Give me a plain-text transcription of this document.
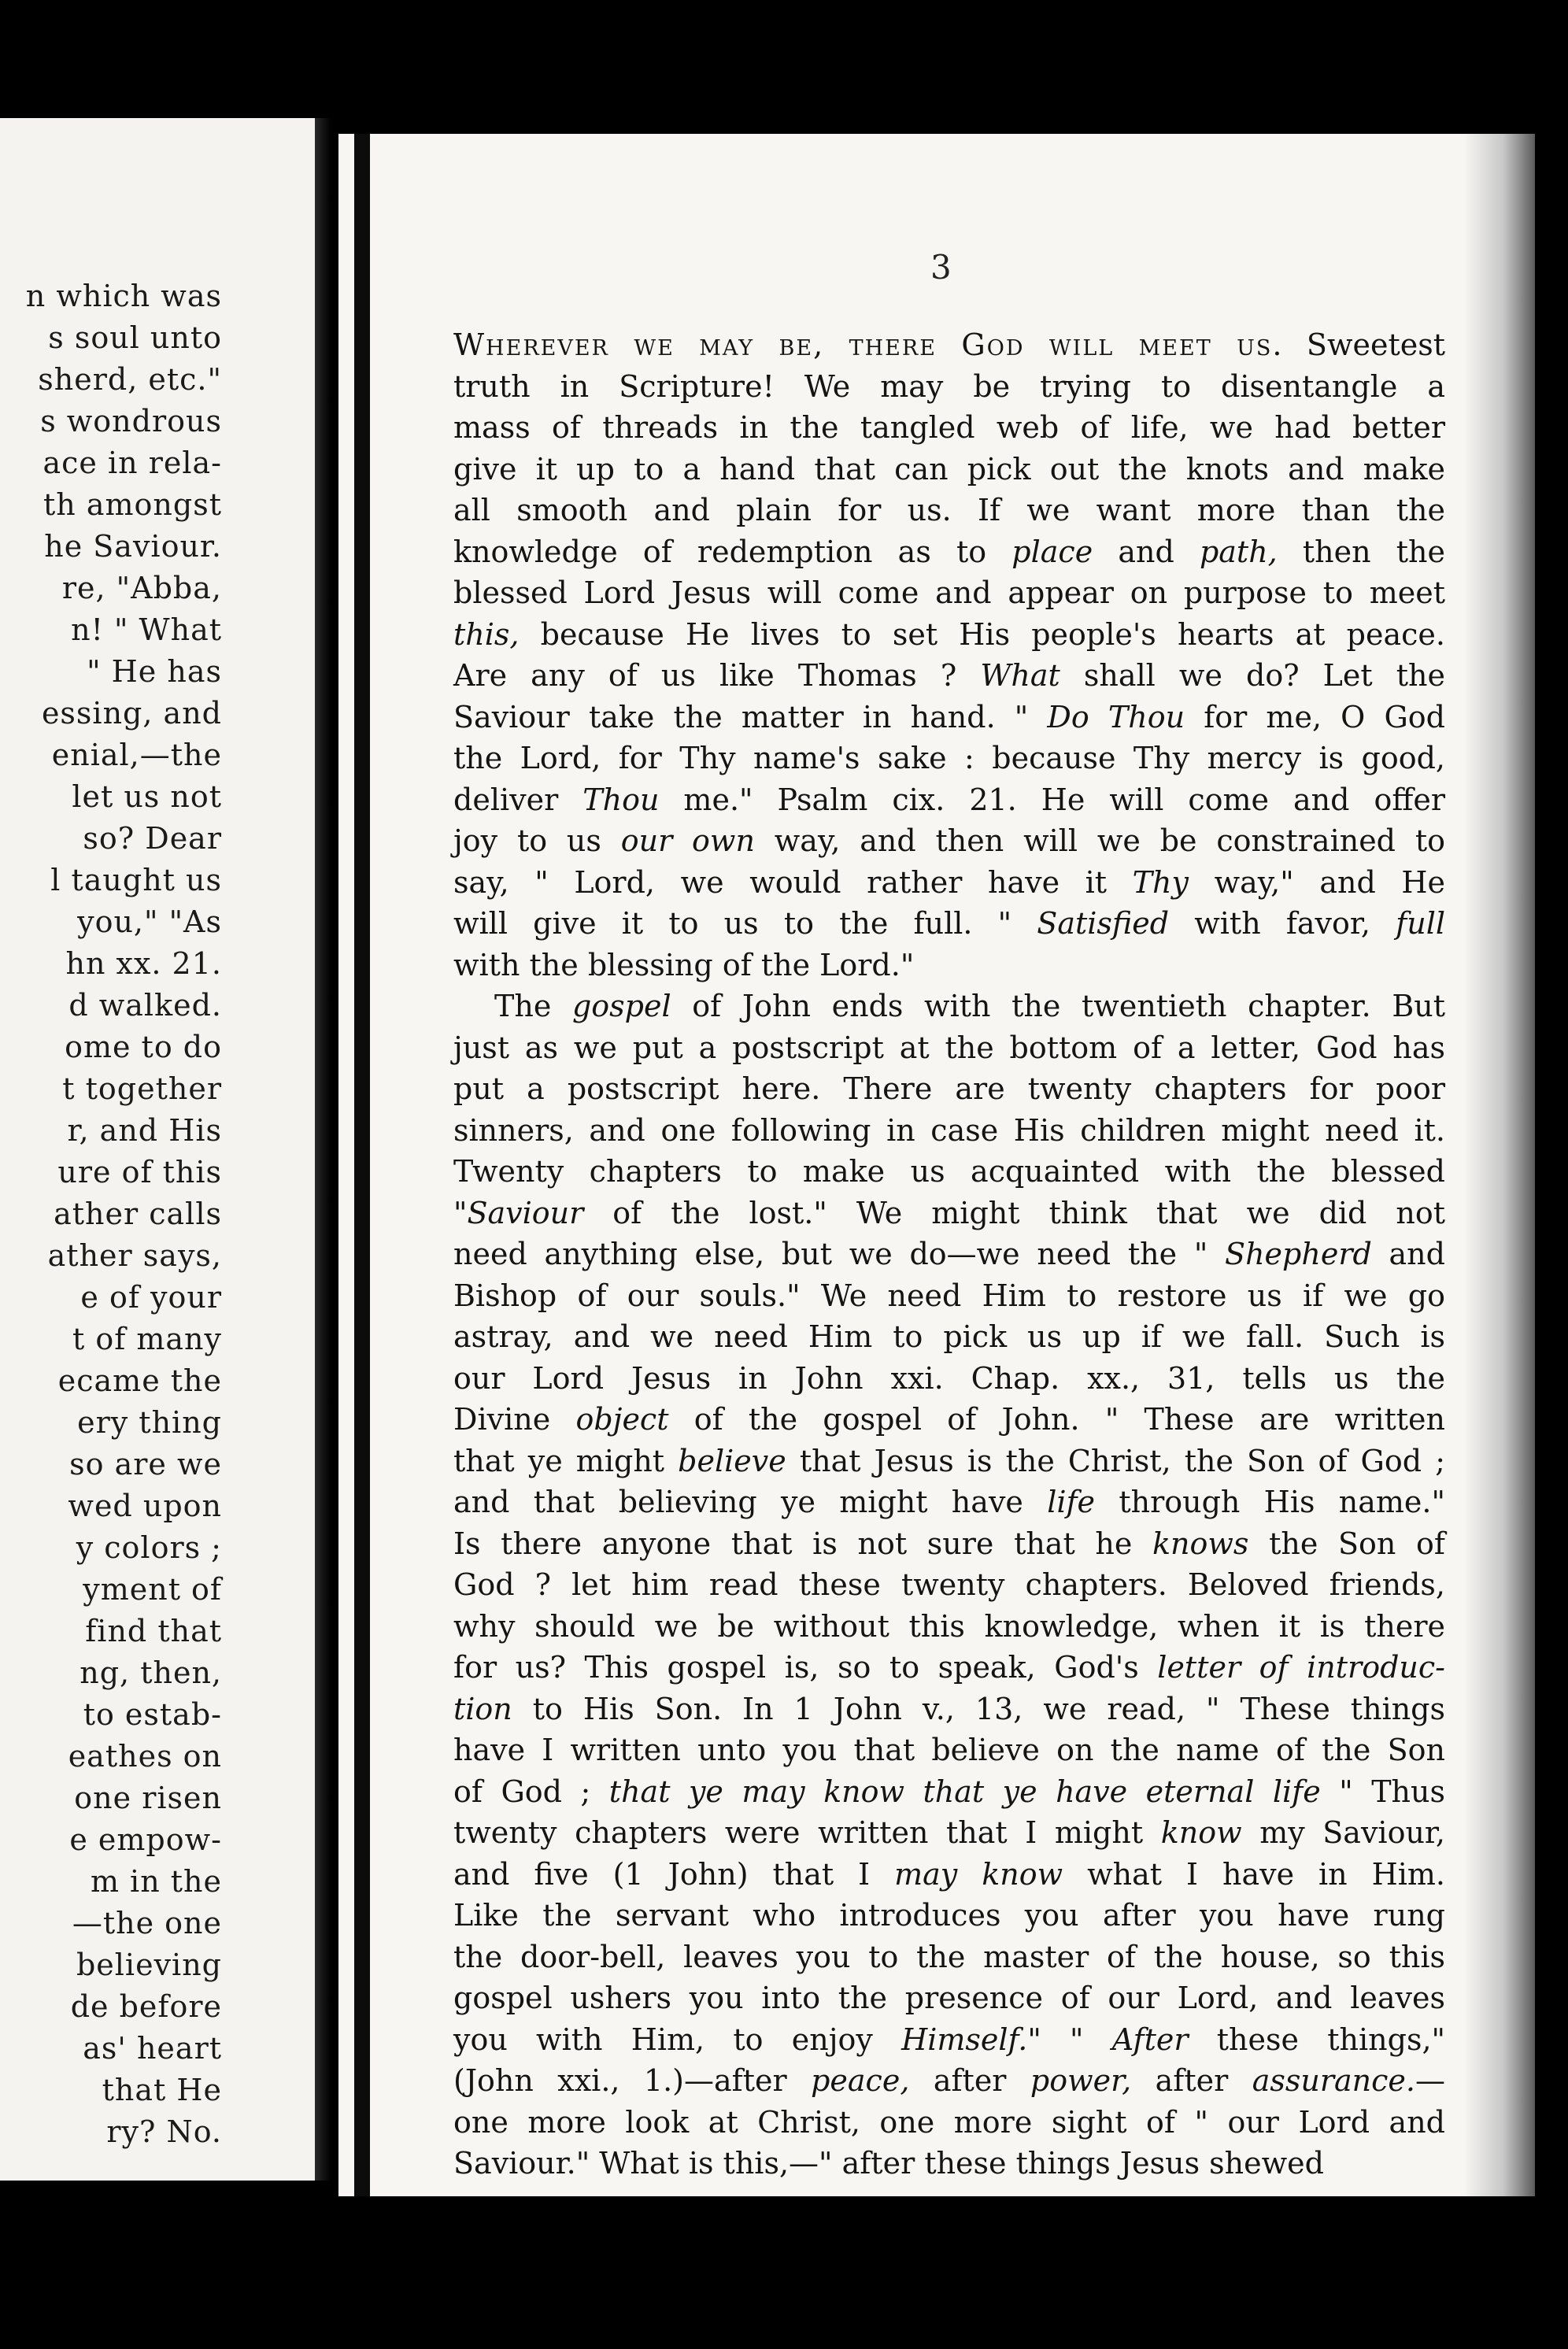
n which was
s soul unto
sherd, etc."
s wondrous
ace in rela-
th amongst
he Saviour.
re, "Abba,
n! " What
" He has
essing, and
enial,—the
let us not
so? Dear
l taught us
you," "As
hn xx. 21.
d walked.
ome to do
t together
r, and His
ure of this
ather calls
ather says,
e of your
t of many
ecame the
ery thing
so are we
wed upon
y colors ;
yment of
find that
ng, then,
to estab-
eathes on
one risen
e empow-
m in the
—the one
believing
de before
as' heart
that He
ry? No.
3
Wherever we may be, there God will meet us. Sweetest
truth in Scripture! We may be trying to disentangle a
mass of threads in the tangled web of life, we had better
give it up to a hand that can pick out the knots and make
all smooth and plain for us. If we want more than the
knowledge of redemption as to place and path, then the
blessed Lord Jesus will come and appear on purpose to meet
this, because He lives to set His people's hearts at peace.
Are any of us like Thomas ? What shall we do? Let the
Saviour take the matter in hand. " Do Thou for me, O God
the Lord, for Thy name's sake : because Thy mercy is good,
deliver Thou me." Psalm cix. 21. He will come and offer
joy to us our own way, and then will we be constrained to
say, " Lord, we would rather have it Thy way," and He
will give it to us to the full. " Satisfied with favor, full
with the blessing of the Lord."
The gospel of John ends with the twentieth chapter. But
just as we put a postscript at the bottom of a letter, God has
put a postscript here. There are twenty chapters for poor
sinners, and one following in case His children might need it.
Twenty chapters to make us acquainted with the blessed
"Saviour of the lost." We might think that we did not
need anything else, but we do—we need the " Shepherd and
Bishop of our souls." We need Him to restore us if we go
astray, and we need Him to pick us up if we fall. Such is
our Lord Jesus in John xxi. Chap. xx., 31, tells us the
Divine object of the gospel of John. " These are written
that ye might believe that Jesus is the Christ, the Son of God ;
and that believing ye might have life through His name."
Is there anyone that is not sure that he knows the Son of
God ? let him read these twenty chapters. Beloved friends,
why should we be without this knowledge, when it is there
for us? This gospel is, so to speak, God's letter of introduc-
tion to His Son. In 1 John v., 13, we read, " These things
have I written unto you that believe on the name of the Son
of God ; that ye may know that ye have eternal life " Thus
twenty chapters were written that I might know my Saviour,
and five (1 John) that I may know what I have in Him.
Like the servant who introduces you after you have rung
the door-bell, leaves you to the master of the house, so this
gospel ushers you into the presence of our Lord, and leaves
you with Him, to enjoy Himself." " After these things,"
(John xxi., 1.)—after peace, after power, after assurance.—
one more look at Christ, one more sight of " our Lord and
Saviour." What is this,—" after these things Jesus shewed
